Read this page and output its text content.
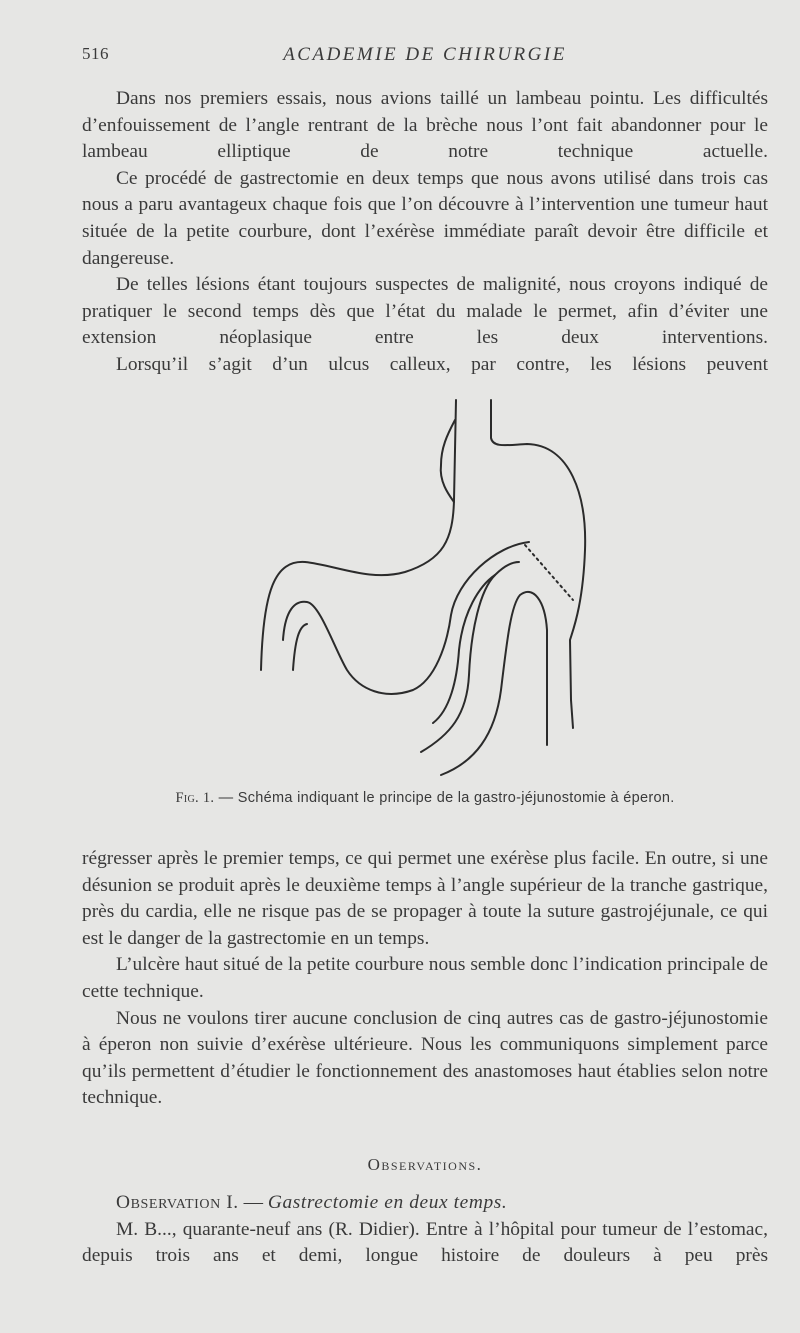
516	ACADEMIE DE CHIRURGIE

Dans nos premiers essais, nous avions taillé un lambeau pointu. Les difficultés d’enfouissement de l’angle rentrant de la brèche nous l’ont fait abandonner pour le lambeau elliptique de notre technique actuelle.

Ce procédé de gastrectomie en deux temps que nous avons utilisé dans trois cas nous a paru avantageux chaque fois que l’on découvre à l’intervention une tumeur haut située de la petite courbure, dont l’exérèse immédiate paraît devoir être difficile et dangereuse.

De telles lésions étant toujours suspectes de malignité, nous croyons indiqué de pratiquer le second temps dès que l’état du malade le permet, afin d’éviter une extension néoplasique entre les deux interventions.

Lorsqu’il s’agit d’un ulcus calleux, par contre, les lésions peuvent

Fig. 1. — Schéma indiquant le principe de la gastro-jéjunostomie à éperon.

régresser après le premier temps, ce qui permet une exérèse plus facile. En outre, si une désunion se produit après le deuxième temps à l’angle supérieur de la tranche gastrique, près du cardia, elle ne risque pas de se propager à toute la suture gastrojéjunale, ce qui est le danger de la gastrectomie en un temps.

L’ulcère haut situé de la petite courbure nous semble donc l’indication principale de cette technique.

Nous ne voulons tirer aucune conclusion de cinq autres cas de gastro-jéjunostomie à éperon non suivie d’exérèse ultérieure. Nous les communiquons simplement parce qu’ils permettent d’étudier le fonctionnement des anastomoses haut établies selon notre technique.

Observations.

Observation I. — Gastrectomie en deux temps.

M. B..., quarante-neuf ans (R. Didier). Entre à l’hôpital pour tumeur de l’estomac, depuis trois ans et demi, longue histoire de douleurs à peu près
